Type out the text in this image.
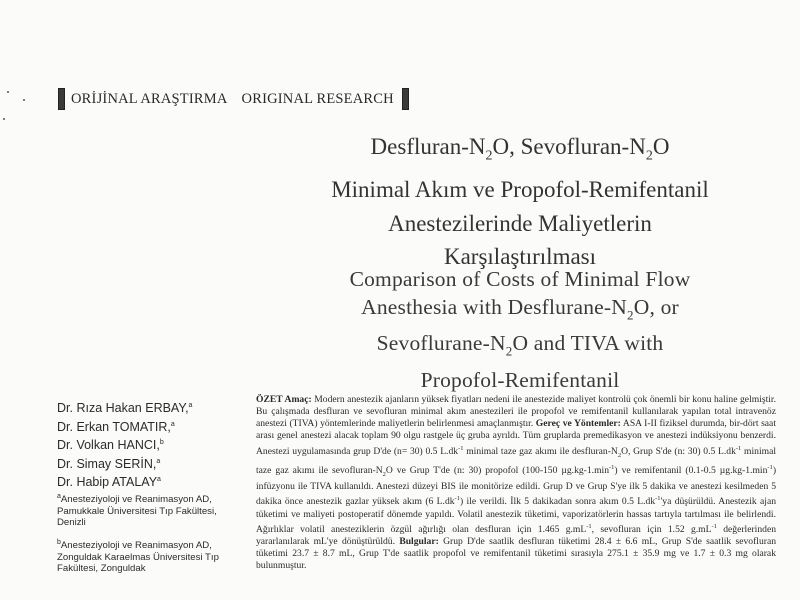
ORİJİNAL ARAŞTIRMA ORIGINAL RESEARCH
Desfluran-$N_2O$, Sevofluran-$N_2O$
Minimal Akım ve Propofol-Remifentanil
Anestezilerinde Maliyetlerin
Karşılaştırılması
Comparison of Costs of Minimal Flow
Anesthesia with Desflurane-$N_2O$, or
Sevoflurane-$N_2O$ and TIVA with
Propofol-Remifentanil
Dr. Rıza Hakan ERBAY,$^a$
Dr. Erkan TOMATIR,$^a$
Dr. Volkan HANCI,$^b$
Dr. Simay SERİN,$^a$
Dr. Habip ATALAY$^a$
$^a$Anesteziyoloji ve Reanimasyon AD, Pamukkale Üniversitesi Tıp Fakültesi, Denizli
$^b$Anesteziyoloji ve Reanimasyon AD, Zonguldak Karaelmas Üniversitesi Tıp Fakültesi, Zonguldak
ÖZET Amaç: Modern anestezik ajanların yüksek fiyatları nedeni ile anestezide maliyet kontrolü çok önemli bir konu haline gelmiştir. Bu çalışmada desfluran ve sevofluran minimal akım anestezileri ile propofol ve remifentanil kullanılarak yapılan total intravenöz anestezi (TIVA) yöntemlerinde maliyetlerin belirlenmesi amaçlanmıştır. Gereç ve Yöntemler: ASA I-II fiziksel durumda, bir-dört saat arası genel anestezi alacak toplam 90 olgu rastgele üç gruba ayrıldı. Tüm gruplarda premedikasyon ve anestezi indüksiyonu benzerdi. Anestezi uygulamasında grup D'de (n= 30) 0.5 $L.dk^{-1}$ minimal taze gaz akımı ile desfluran-$N_2O$, Grup S'de (n: 30) 0.5 $L.dk^{-1}$ minimal taze gaz akımı ile sevofluran-$N_2O$ ve Grup T'de (n: 30) propofol (100-150 $\mu g.kg-1.\min^{-1}$) ve remifentanil (0.1-0.5 $\mu g.kg-1.\min^{-1}$) infüzyonu ile TIVA kullanıldı. Anestezi düzeyi BIS ile monitörize edildi. Grup D ve Grup S'ye ilk 5 dakika ve anestezi kesilmeden 5 dakika önce anestezik gazlar yüksek akım (6 $L.dk^{-1}$) ile verildi. İlk 5 dakikadan sonra akım 0.5 $L.dk^{-1}'ya$ düşürüldü. Anestezik ajan tüketimi ve maliyeti postoperatif dönemde yapıldı. Volatil anestezik tüketimi, vaporizatörlerin hassas tartıyla tartılması ile belirlendi. Ağırlıklar volatil anesteziklerin özgül ağırlığı olan desfluran için 1.465 $g.mL^{-1}$, sevofluran için 1.52 $g.mL^{-1}$ değerlerinden yararlanılarak mL'ye dönüştürüldü. Bulgular: Grup D'de saatlik desfluran tüketimi 28.4 ± 6.6 mL, Grup S'de saatlik sevofluran tüketimi 23.7 ± 8.7 mL, Grup T'de saatlik propofol ve remifentanil tüketimi sırasıyla 275.1 ± 35.9 mg ve 1.7 ± 0.3 mg olarak bulunmuştur.
